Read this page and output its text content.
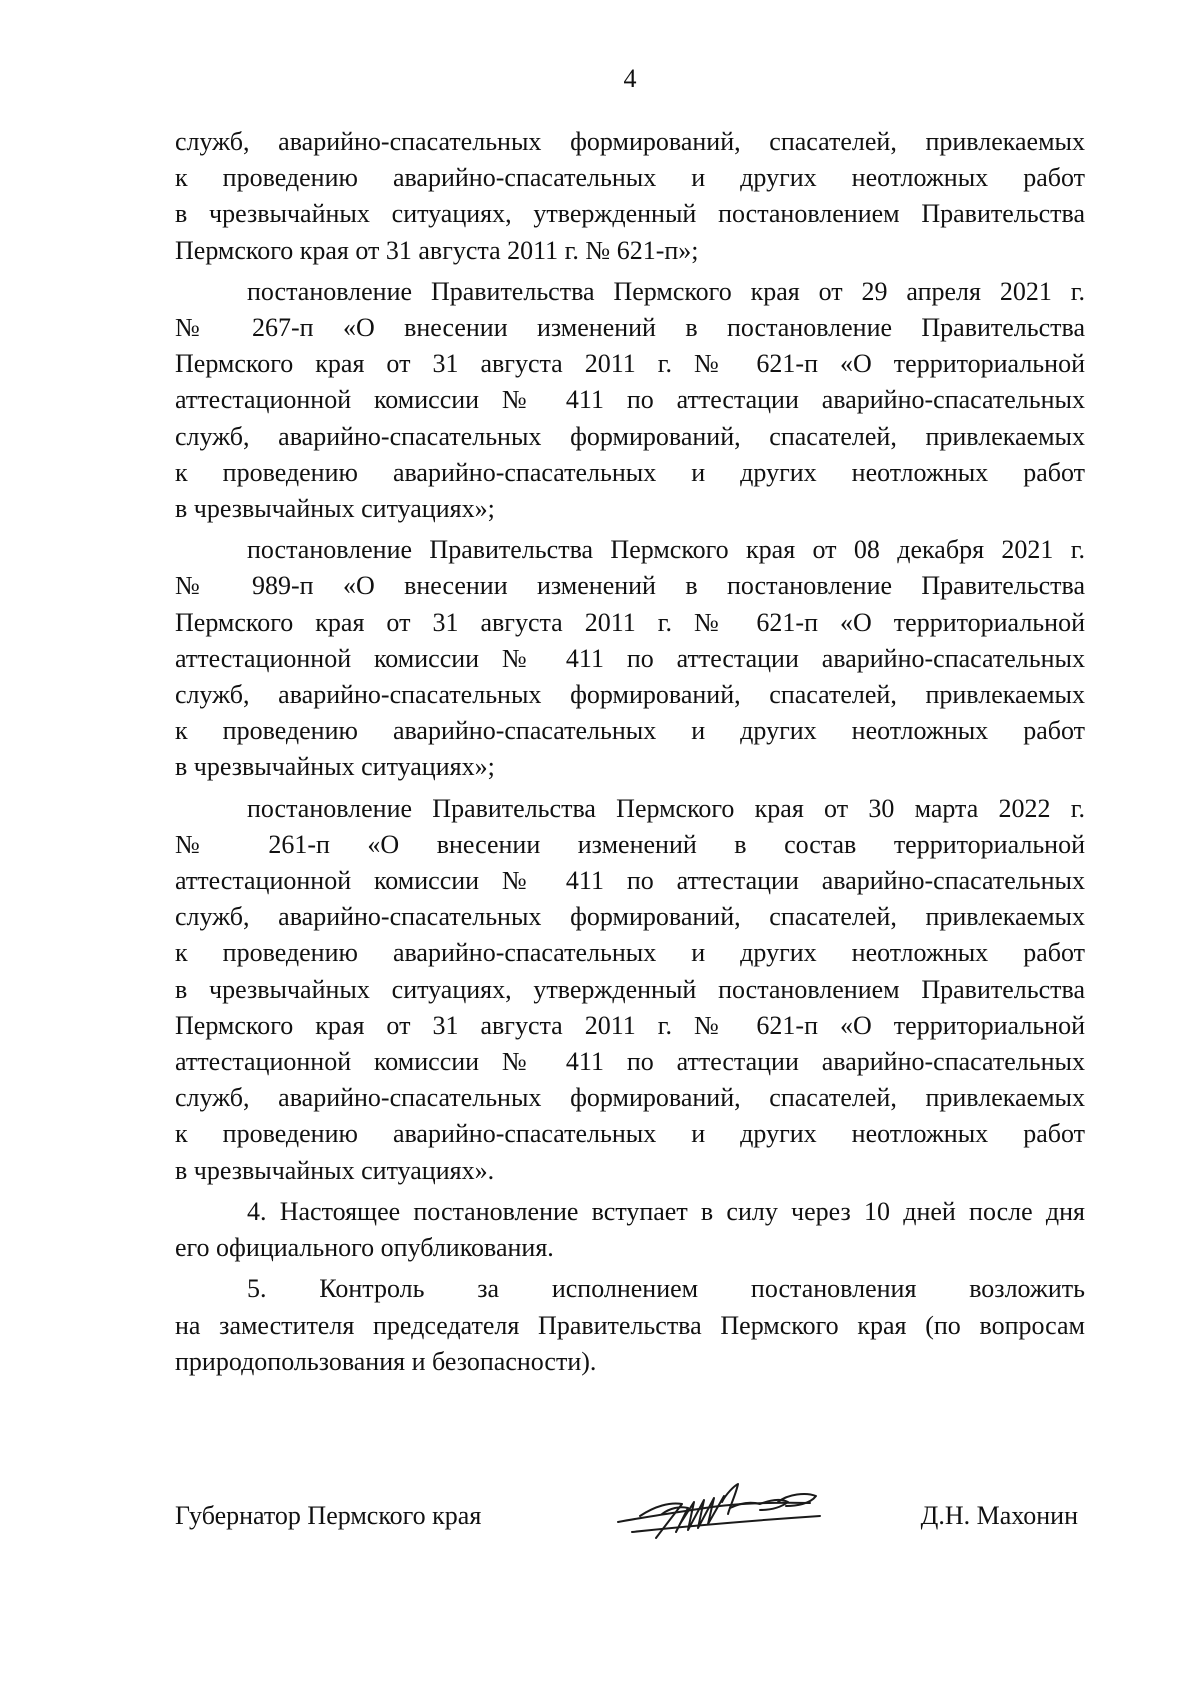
4

служб, аварийно-спасательных формирований, спасателей, привлекаемых
к проведению аварийно-спасательных и других неотложных работ
в чрезвычайных ситуациях, утвержденный постановлением Правительства
Пермского края от 31 августа 2011 г. № 621-п»;

постановление Правительства Пермского края от 29 апреля 2021 г.
№ 267-п «О внесении изменений в постановление Правительства
Пермского края от 31 августа 2011 г. № 621-п «О территориальной
аттестационной комиссии № 411 по аттестации аварийно-спасательных
служб, аварийно-спасательных формирований, спасателей, привлекаемых
к проведению аварийно-спасательных и других неотложных работ
в чрезвычайных ситуациях»;

постановление Правительства Пермского края от 08 декабря 2021 г.
№ 989-п «О внесении изменений в постановление Правительства
Пермского края от 31 августа 2011 г. № 621-п «О территориальной
аттестационной комиссии № 411 по аттестации аварийно-спасательных
служб, аварийно-спасательных формирований, спасателей, привлекаемых
к проведению аварийно-спасательных и других неотложных работ
в чрезвычайных ситуациях»;

постановление Правительства Пермского края от 30 марта 2022 г.
№ 261-п «О внесении изменений в состав территориальной
аттестационной комиссии № 411 по аттестации аварийно-спасательных
служб, аварийно-спасательных формирований, спасателей, привлекаемых
к проведению аварийно-спасательных и других неотложных работ
в чрезвычайных ситуациях, утвержденный постановлением Правительства
Пермского края от 31 августа 2011 г. № 621-п «О территориальной
аттестационной комиссии № 411 по аттестации аварийно-спасательных
служб, аварийно-спасательных формирований, спасателей, привлекаемых
к проведению аварийно-спасательных и других неотложных работ
в чрезвычайных ситуациях».

4. Настоящее постановление вступает в силу через 10 дней после дня
его официального опубликования.

5. Контроль за исполнением постановления возложить
на заместителя председателя Правительства Пермского края (по вопросам
природопользования и безопасности).

Губернатор Пермского края	Д.Н. Махонин
